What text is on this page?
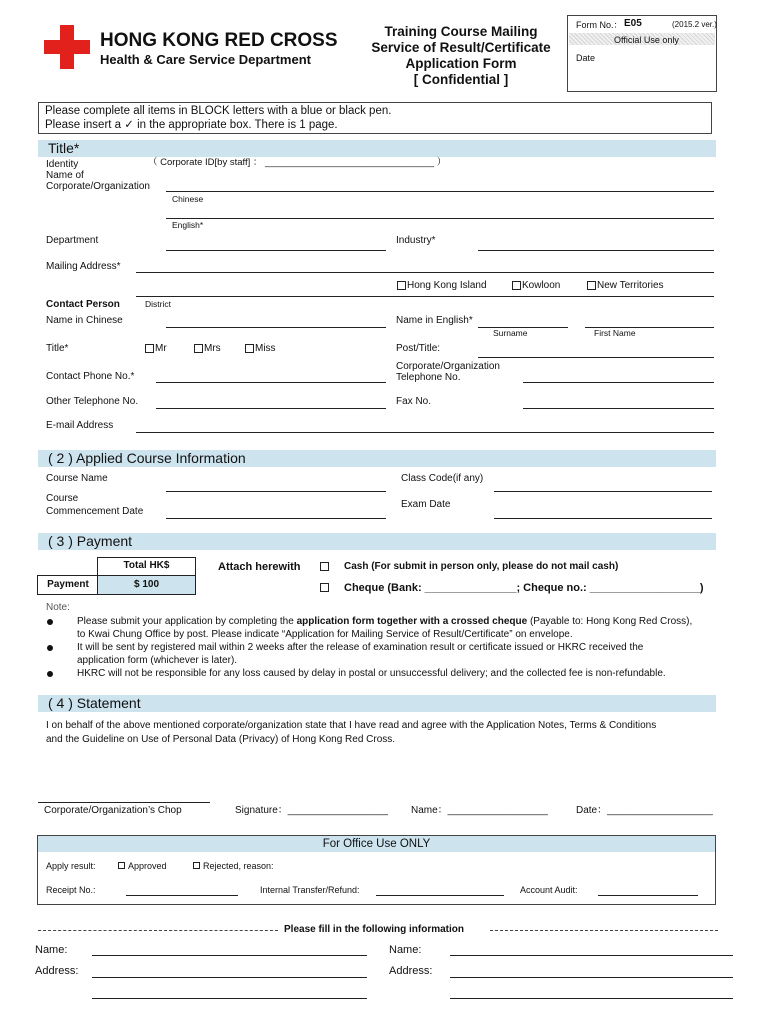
HONG KONG RED CROSS
Health & Care Service Department
Training Course Mailing
Service of Result/Certificate
Application Form
[ Confidential ]
Form No.： E05	(2015.2 ver.)
Official Use only
Date
Please complete all items in BLOCK letters with a blue or black pen.
Please insert a ✓ in the appropriate box. There is 1 page.
Title*
Identity	（ Corporate ID[by staff] ： ________________________________ ）
Name of
Corporate/Organization
Chinese
English*
Department	Industry*
Mailing Address*
Hong Kong Island	Kowloon	New Territories
Contact Person	District
Name in Chinese	Name in English*
Surname	First Name
Title*	Mr	Mrs	Miss	Post/Title:
Contact Phone No.*
Corporate/Organization
Telephone No.
Other Telephone No.	Fax No.
E-mail Address
( 2 ) Applied Course Information
Course Name	Class Code(if any)
Course
Commencement Date
Exam Date
( 3 ) Payment
Total HK$
Payment	$ 100
Attach herewith	Cash (For submit in person only, please do not mail cash)
Cheque (Bank: _______________; Cheque no.: __________________)
Note:
Please submit your application by completing the application form together with a crossed cheque (Payable to: Hong Kong Red Cross),
to Kwai Chung Office by post. Please indicate “Application for Mailing Service of Result/Certificate” on envelope.
It will be sent by registered mail within 2 weeks after the release of examination result or certificate issued or HKRC received the
application form (whichever is later).
HKRC will not be responsible for any loss caused by delay in postal or unsuccessful delivery; and the collected fee is non-refundable.
( 4 ) Statement
I on behalf of the above mentioned corporate/organization state that I have read and agree with the Application Notes, Terms & Conditions
and the Guideline on Use of Personal Data (Privacy) of Hong Kong Red Cross.
Corporate/Organization’s Chop	Signature：__________________ Name：__________________	Date：___________________
For Office Use ONLY
Apply result:	Approved	Rejected, reason:
Receipt No.:	Internal Transfer/Refund:	Account Audit:
Please fill in the following information
Name:
Address:
Name:
Address:
